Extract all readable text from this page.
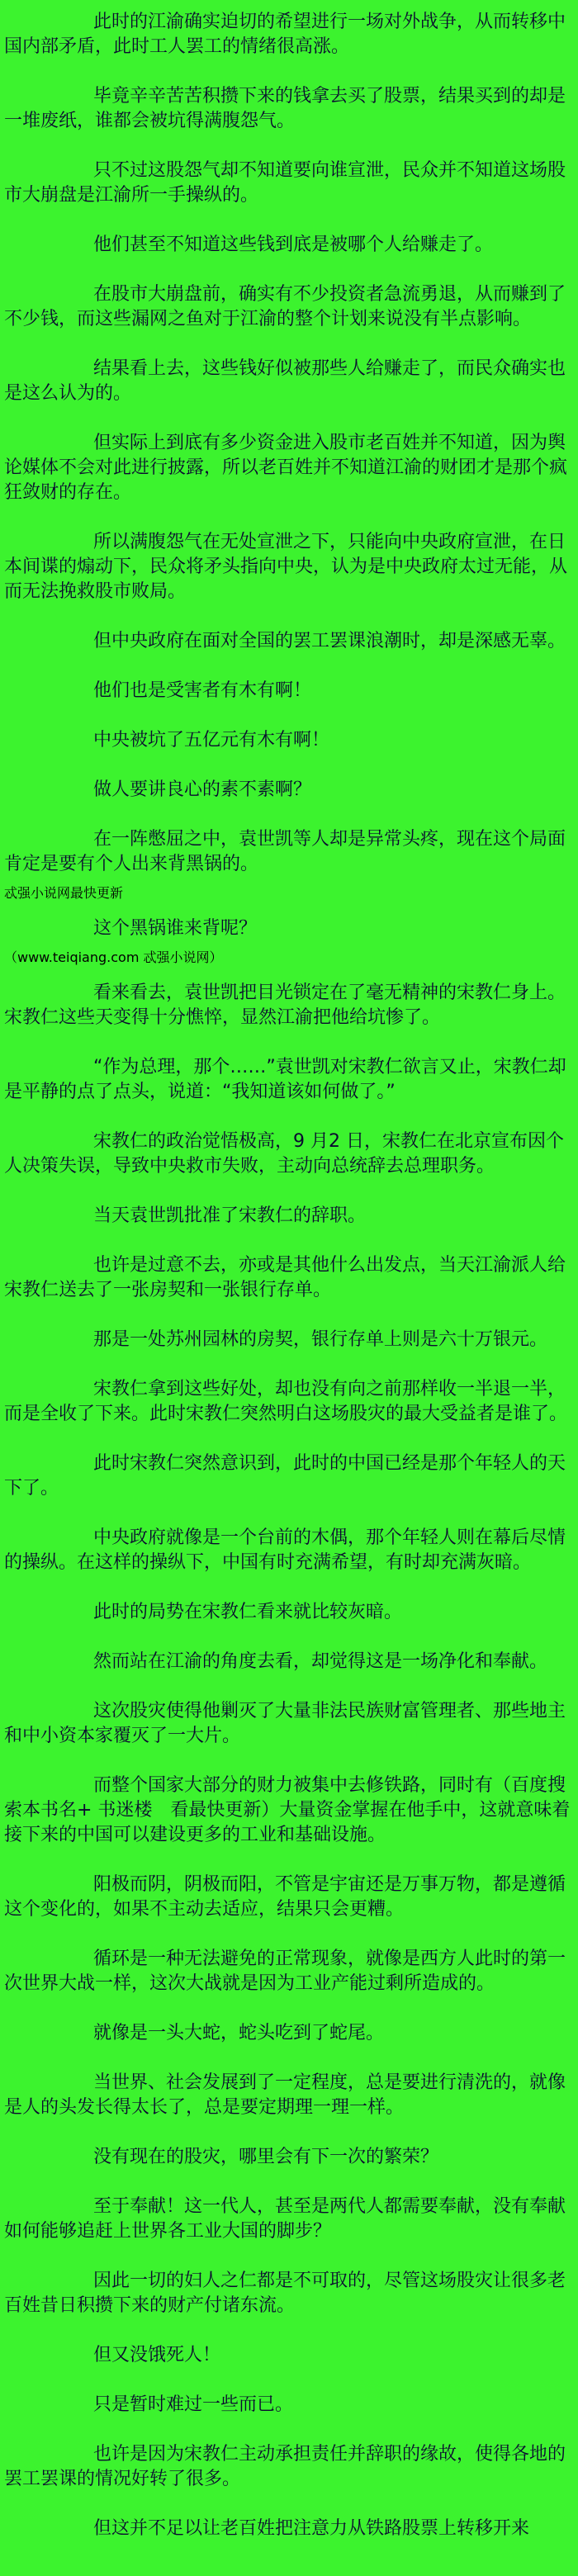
此时的江渝确实迫切的希望进行一场对外战争，从而转移中国内部矛盾，此时工人罢工的情绪很高涨。

毕竟辛辛苦苦积攒下来的钱拿去买了股票，结果买到的却是一堆废纸，谁都会被坑得满腹怨气。

只不过这股怨气却不知道要向谁宣泄，民众并不知道这场股市大崩盘是江渝所一手操纵的。

他们甚至不知道这些钱到底是被哪个人给赚走了。

在股市大崩盘前，确实有不少投资者急流勇退，从而赚到了不少钱，而这些漏网之鱼对于江渝的整个计划来说没有半点影响。

结果看上去，这些钱好似被那些人给赚走了，而民众确实也是这么认为的。

但实际上到底有多少资金进入股市老百姓并不知道，因为舆论媒体不会对此进行披露，所以老百姓并不知道江渝的财团才是那个疯狂敛财的存在。

所以满腹怨气在无处宣泄之下，只能向中央政府宣泄，在日本间谍的煽动下，民众将矛头指向中央，认为是中央政府太过无能，从而无法挽救股市败局。

但中央政府在面对全国的罢工罢课浪潮时，却是深感无辜。

他们也是受害者有木有啊！

中央被坑了五亿元有木有啊！

做人要讲良心的素不素啊？

在一阵憋屈之中，袁世凯等人却是异常头疼，现在这个局面肯定是要有个人出来背黑锅的。

忒强小说网最快更新

这个黑锅谁来背呢？

（www.teiqiang.com 忒强小说网）

看来看去，袁世凯把目光锁定在了毫无精神的宋教仁身上。宋教仁这些天变得十分憔悴，显然江渝把他给坑惨了。

“作为总理，那个……”袁世凯对宋教仁欲言又止，宋教仁却是平静的点了点头，说道：“我知道该如何做了。”

宋教仁的政治觉悟极高，9 月2 日，宋教仁在北京宣布因个人决策失误，导致中央救市失败，主动向总统辞去总理职务。

当天袁世凯批准了宋教仁的辞职。

也许是过意不去，亦或是其他什么出发点，当天江渝派人给宋教仁送去了一张房契和一张银行存单。

那是一处苏州园林的房契，银行存单上则是六十万银元。

宋教仁拿到这些好处，却也没有向之前那样收一半退一半，而是全收了下来。此时宋教仁突然明白这场股灾的最大受益者是谁了。

此时宋教仁突然意识到，此时的中国已经是那个年轻人的天下了。

中央政府就像是一个台前的木偶，那个年轻人则在幕后尽情的操纵。在这样的操纵下，中国有时充满希望，有时却充满灰暗。

此时的局势在宋教仁看来就比较灰暗。

然而站在江渝的角度去看，却觉得这是一场净化和奉献。

这次股灾使得他剿灭了大量非法民族财富管理者、那些地主和中小资本家覆灭了一大片。

而整个国家大部分的财力被集中去修铁路，同时有（百度搜索本书名+ 书迷楼　看最快更新）大量资金掌握在他手中，这就意味着接下来的中国可以建设更多的工业和基础设施。

阳极而阴，阴极而阳，不管是宇宙还是万事万物，都是遵循这个变化的，如果不主动去适应，结果只会更糟。

循环是一种无法避免的正常现象，就像是西方人此时的第一次世界大战一样，这次大战就是因为工业产能过剩所造成的。

就像是一头大蛇，蛇头吃到了蛇尾。

当世界、社会发展到了一定程度，总是要进行清洗的，就像是人的头发长得太长了，总是要定期理一理一样。

没有现在的股灾，哪里会有下一次的繁荣？

至于奉献！这一代人，甚至是两代人都需要奉献，没有奉献如何能够追赶上世界各工业大国的脚步？

因此一切的妇人之仁都是不可取的，尽管这场股灾让很多老百姓昔日积攒下来的财产付诸东流。

但又没饿死人！

只是暂时难过一些而已。

也许是因为宋教仁主动承担责任并辞职的缘故，使得各地的罢工罢课的情况好转了很多。

但这并不足以让老百姓把注意力从铁路股票上转移开来
